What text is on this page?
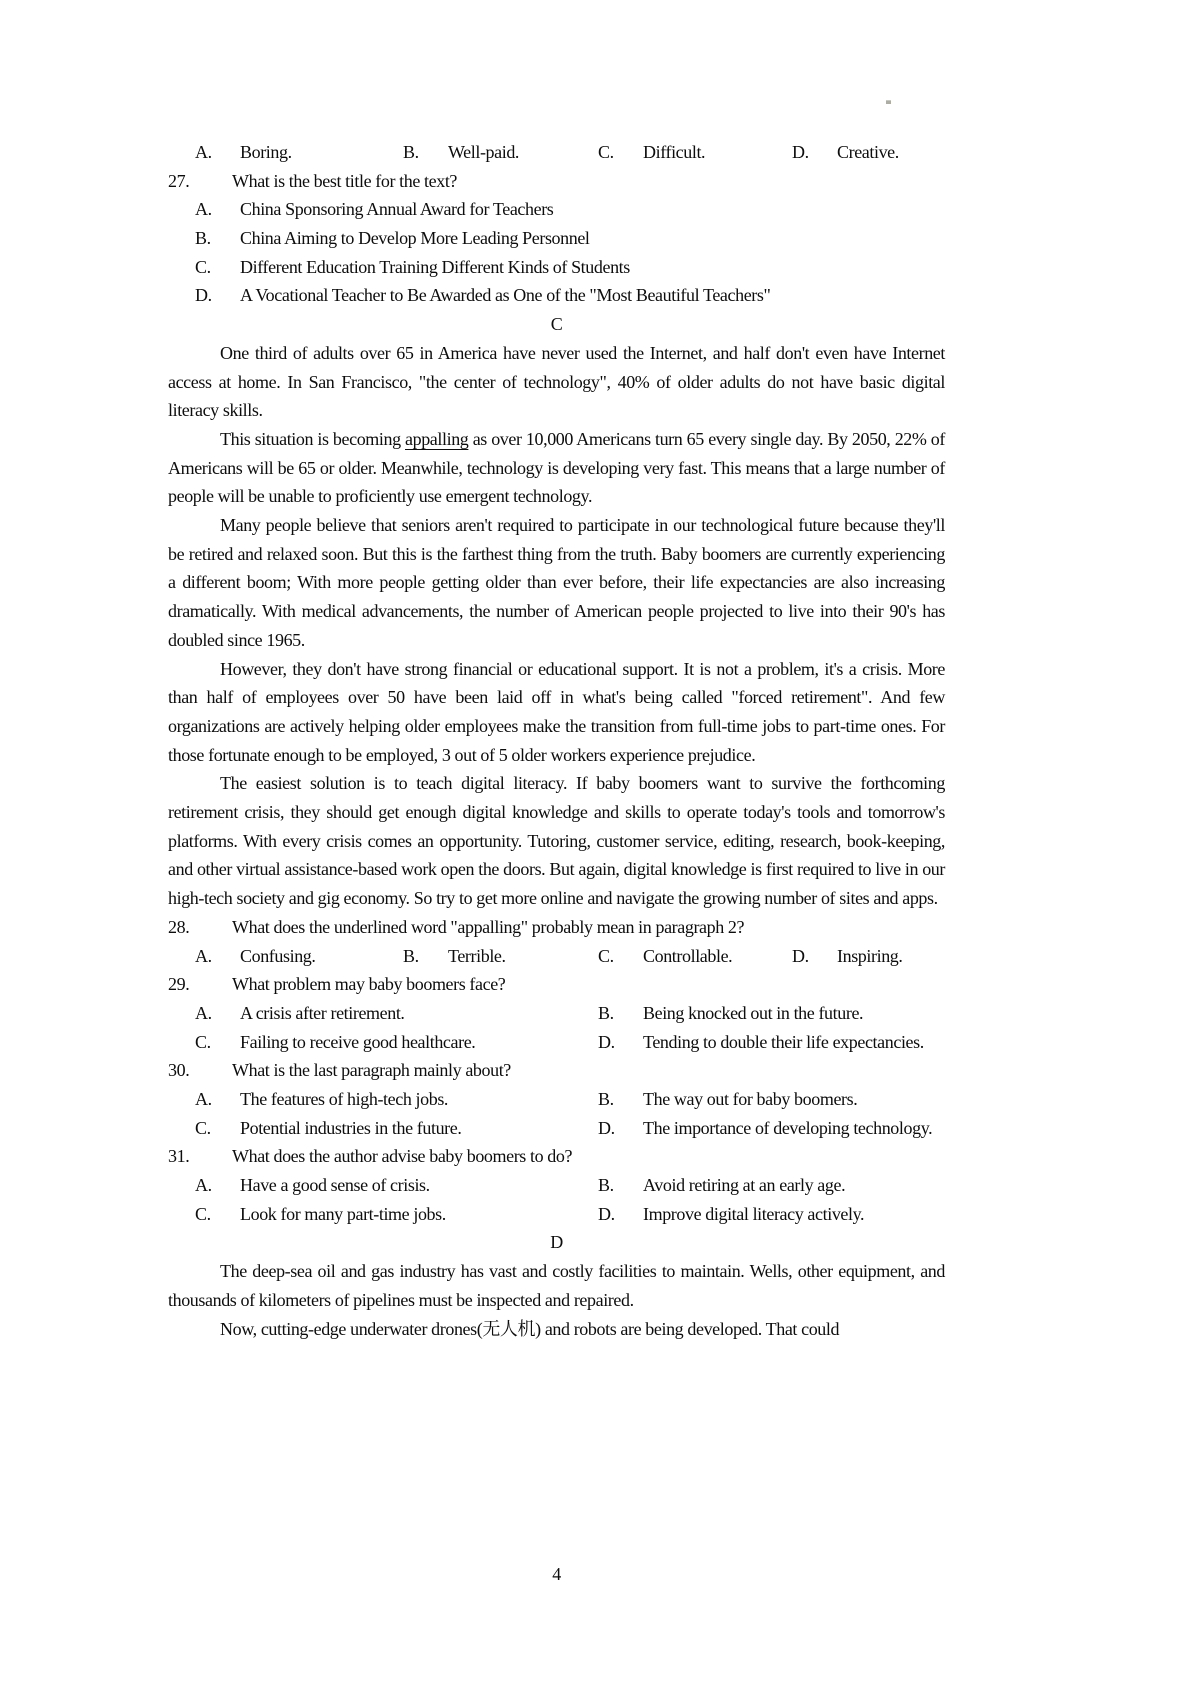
A. Boring.	B. Well-paid.	C. Difficult.	D. Creative.
27. What is the best title for the text?
A. China Sponsoring Annual Award for Teachers
B. China Aiming to Develop More Leading Personnel
C. Different Education Training Different Kinds of Students
D. A Vocational Teacher to Be Awarded as One of the "Most Beautiful Teachers"
C

One third of adults over 65 in America have never used the Internet, and half don't even have Internet access at home. In San Francisco, "the center of technology", 40% of older adults do not have basic digital literacy skills.

This situation is becoming appalling as over 10,000 Americans turn 65 every single day. By 2050, 22% of Americans will be 65 or older. Meanwhile, technology is developing very fast. This means that a large number of people will be unable to proficiently use emergent technology.

Many people believe that seniors aren't required to participate in our technological future because they'll be retired and relaxed soon. But this is the farthest thing from the truth. Baby boomers are currently experiencing a different boom; With more people getting older than ever before, their life expectancies are also increasing dramatically. With medical advancements, the number of American people projected to live into their 90's has doubled since 1965.

However, they don't have strong financial or educational support. It is not a problem, it's a crisis. More than half of employees over 50 have been laid off in what's being called "forced retirement". And few organizations are actively helping older employees make the transition from full-time jobs to part-time ones. For those fortunate enough to be employed, 3 out of 5 older workers experience prejudice.

The easiest solution is to teach digital literacy. If baby boomers want to survive the forthcoming retirement crisis, they should get enough digital knowledge and skills to operate today's tools and tomorrow's platforms. With every crisis comes an opportunity. Tutoring, customer service, editing, research, book-keeping, and other virtual assistance-based work open the doors. But again, digital knowledge is first required to live in our high-tech society and gig economy. So try to get more online and navigate the growing number of sites and apps.

28. What does the underlined word "appalling" probably mean in paragraph 2?
A. Confusing.	B. Terrible.	C. Controllable.	D. Inspiring.
29. What problem may baby boomers face?
A. A crisis after retirement.	B. Being knocked out in the future.
C. Failing to receive good healthcare.	D. Tending to double their life expectancies.
30. What is the last paragraph mainly about?
A. The features of high-tech jobs.	B. The way out for baby boomers.
C. Potential industries in the future.	D. The importance of developing technology.
31. What does the author advise baby boomers to do?
A. Have a good sense of crisis.	B. Avoid retiring at an early age.
C. Look for many part-time jobs.	D. Improve digital literacy actively.
D

The deep-sea oil and gas industry has vast and costly facilities to maintain. Wells, other equipment, and thousands of kilometers of pipelines must be inspected and repaired.

Now, cutting-edge underwater drones(无人机) and robots are being developed. That could

4
